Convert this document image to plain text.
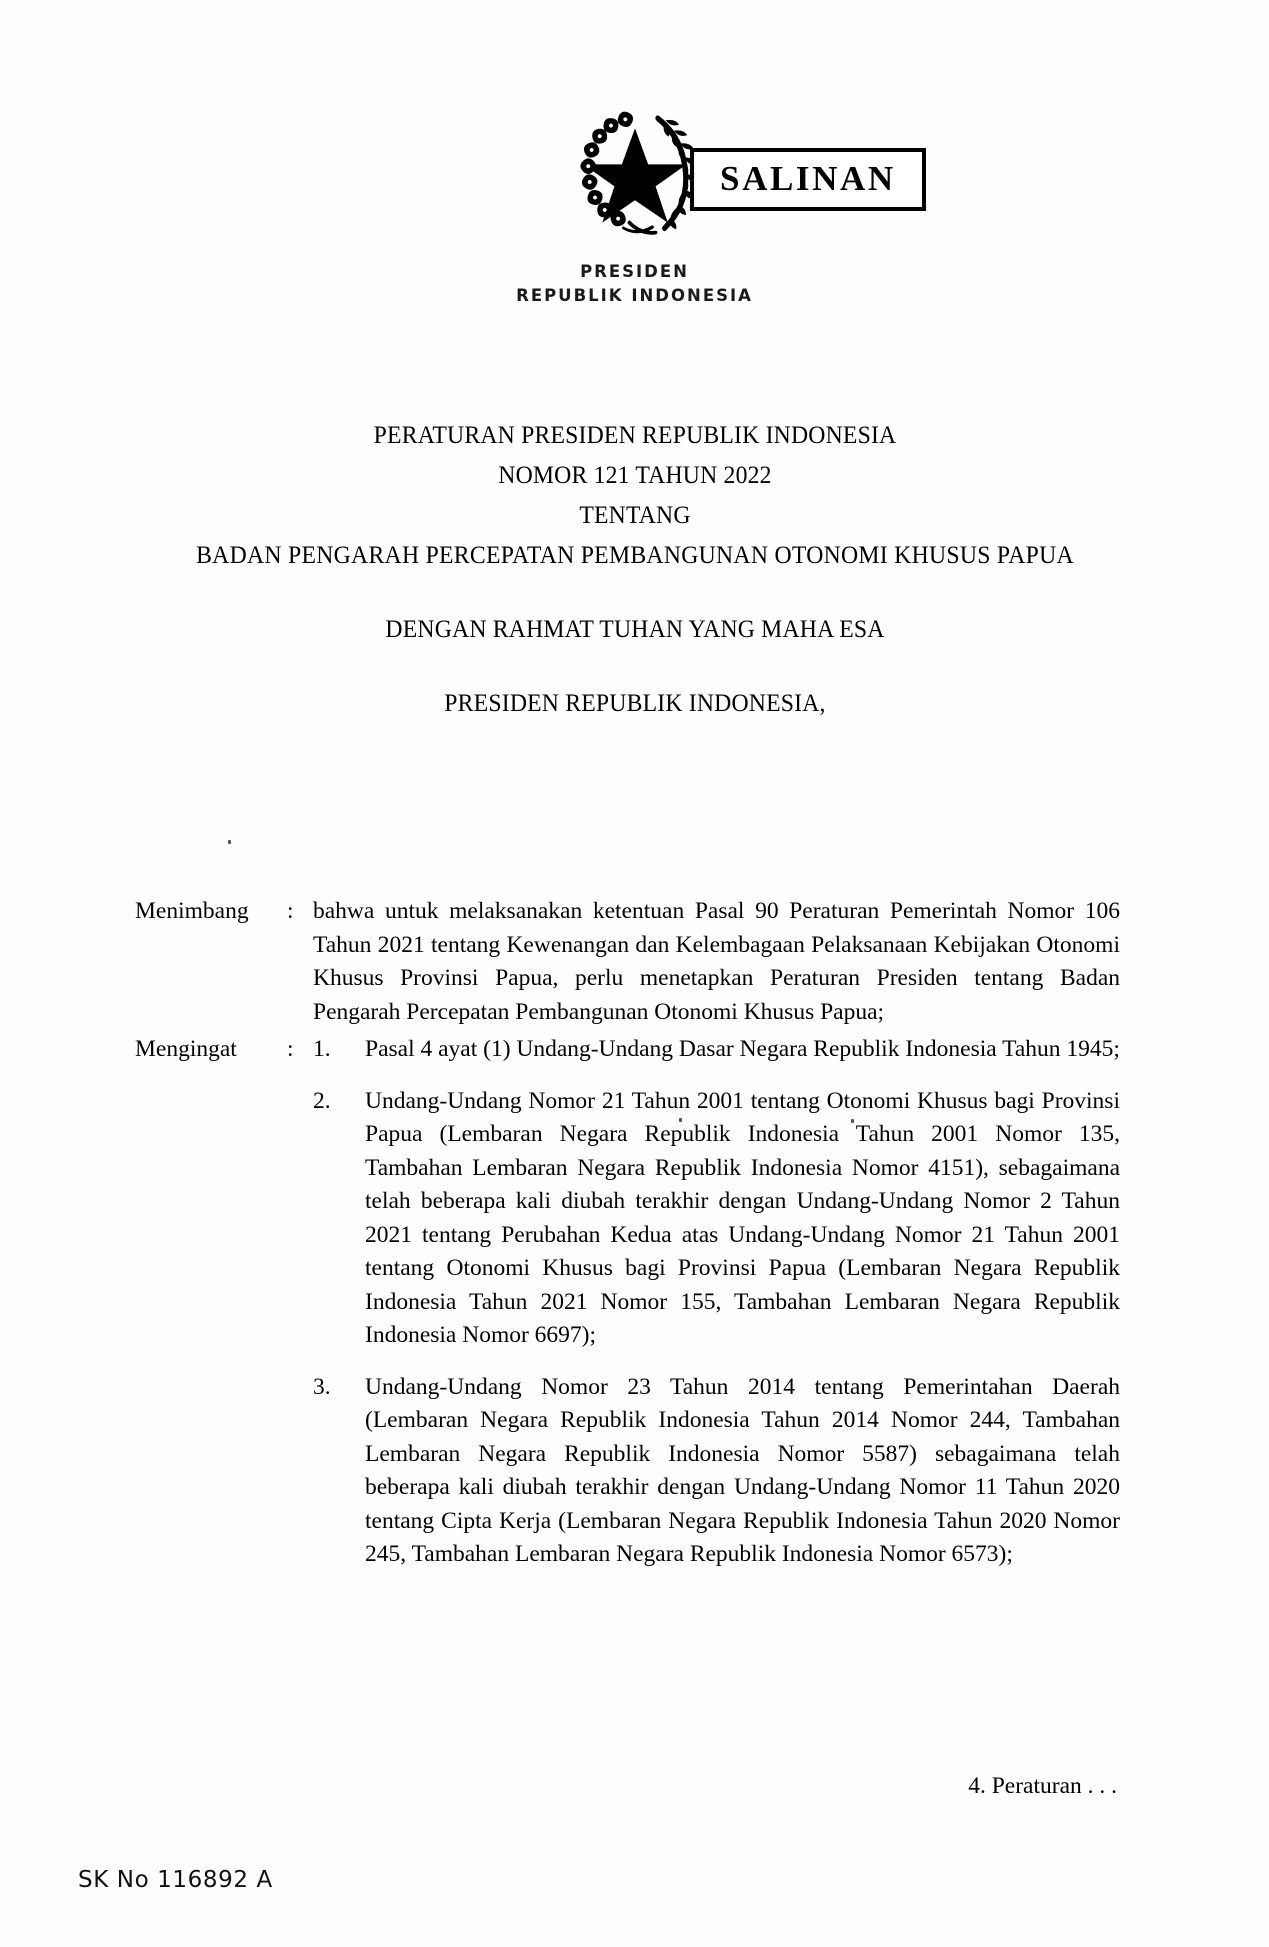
PRESIDEN
REPUBLIK INDONESIA
SALINAN
PERATURAN PRESIDEN REPUBLIK INDONESIA
NOMOR 121 TAHUN 2022
TENTANG
BADAN PENGARAH PERCEPATAN PEMBANGUNAN OTONOMI KHUSUS PAPUA
DENGAN RAHMAT TUHAN YANG MAHA ESA
PRESIDEN REPUBLIK INDONESIA,
Menimbang	: bahwa untuk melaksanakan ketentuan Pasal 90 Peraturan Pemerintah Nomor 106 Tahun 2021 tentang Kewenangan dan Kelembagaan Pelaksanaan Kebijakan Otonomi Khusus Provinsi Papua, perlu menetapkan Peraturan Presiden tentang Badan Pengarah Percepatan Pembangunan Otonomi Khusus Papua;
Mengingat	: 1.	Pasal 4 ayat (1) Undang-Undang Dasar Negara Republik Indonesia Tahun 1945;
2.	Undang-Undang Nomor 21 Tahun 2001 tentang Otonomi Khusus bagi Provinsi Papua (Lembaran Negara Republik Indonesia Tahun 2001 Nomor 135, Tambahan Lembaran Negara Republik Indonesia Nomor 4151), sebagaimana telah beberapa kali diubah terakhir dengan Undang-Undang Nomor 2 Tahun 2021 tentang Perubahan Kedua atas Undang-Undang Nomor 21 Tahun 2001 tentang Otonomi Khusus bagi Provinsi Papua (Lembaran Negara Republik Indonesia Tahun 2021 Nomor 155, Tambahan Lembaran Negara Republik Indonesia Nomor 6697);
3.	Undang-Undang Nomor 23 Tahun 2014 tentang Pemerintahan Daerah (Lembaran Negara Republik Indonesia Tahun 2014 Nomor 244, Tambahan Lembaran Negara Republik Indonesia Nomor 5587) sebagaimana telah beberapa kali diubah terakhir dengan Undang-Undang Nomor 11 Tahun 2020 tentang Cipta Kerja (Lembaran Negara Republik Indonesia Tahun 2020 Nomor 245, Tambahan Lembaran Negara Republik Indonesia Nomor 6573);
4. Peraturan . . .
SK No 116892 A
